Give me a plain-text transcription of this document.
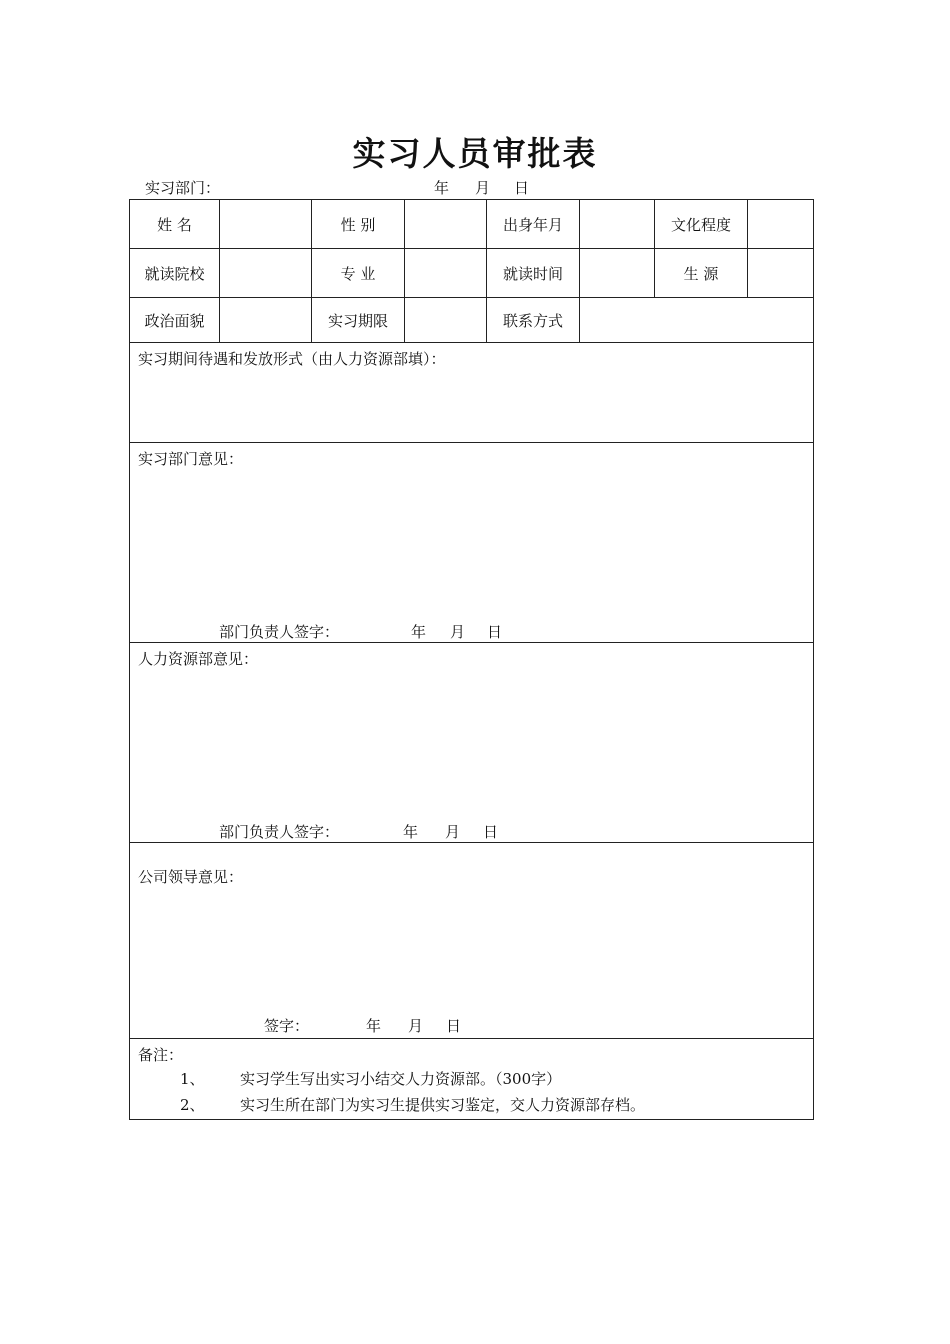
实习人员审批表
实习部门：	年 月 日
姓 名	性 别	出身年月	文化程度
就读院校	专 业	就读时间	生 源
政治面貌	实习期限	联系方式
实习期间待遇和发放形式（由人力资源部填）：
实习部门意见：
部门负责人签字：	年 月 日
人力资源部意见：
部门负责人签字：	年 月 日
公司领导意见：
签字：	年 月 日
备注：
1、 实习学生写出实习小结交人力资源部。（300字）
2、 实习生所在部门为实习生提供实习鉴定，交人力资源部存档。
